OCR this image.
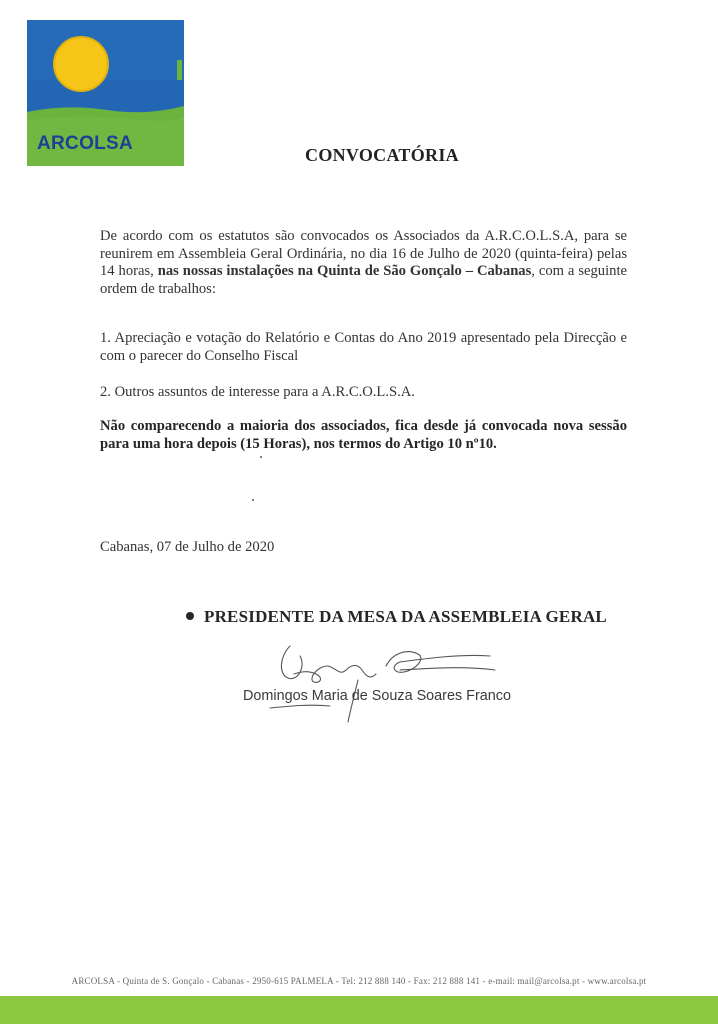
ARCOLSA
CONVOCATÓRIA
De acordo com os estatutos são convocados os Associados da A.R.C.O.L.S.A, para se reunirem em Assembleia Geral Ordinária, no dia 16 de Julho de 2020 (quinta-feira) pelas 14 horas, nas nossas instalações na Quinta de São Gonçalo – Cabanas, com a seguinte ordem de trabalhos:
1. Apreciação e votação do Relatório e Contas do Ano 2019 apresentado pela Direcção e com o parecer do Conselho Fiscal
2. Outros assuntos de interesse para a A.R.C.O.L.S.A.
Não comparecendo a maioria dos associados, fica desde já convocada nova sessão para uma hora depois (15 Horas), nos termos do Artigo 10 nº10.
Cabanas, 07 de Julho de 2020
PRESIDENTE DA MESA DA ASSEMBLEIA GERAL
Domingos Maria de Souza Soares Franco
ARCOLSA - Quinta de S. Gonçalo - Cabanas - 2950-615 PALMELA - Tel: 212 888 140 - Fax: 212 888 141 - e-mail: mail@arcolsa.pt - www.arcolsa.pt
